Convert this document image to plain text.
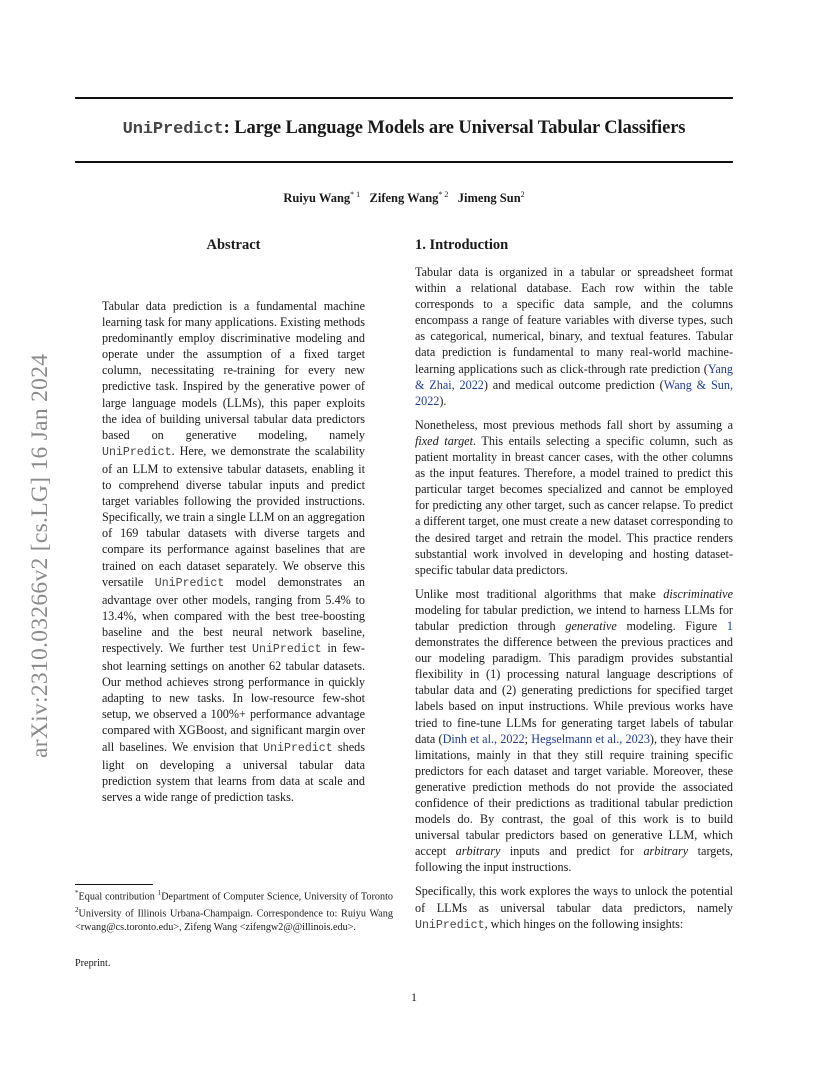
arXiv:2310.03266v2 [cs.LG] 16 Jan 2024
UniPredict: Large Language Models are Universal Tabular Classifiers
Ruiyu Wang$^{* 1}$ Zifeng Wang$^{* 2}$ Jimeng Sun$^2$
Abstract

Tabular data prediction is a fundamental machine learning task for many applications. Existing methods predominantly employ discriminative modeling and operate under the assumption of a fixed target column, necessitating re-training for every new predictive task. Inspired by the generative power of large language models (LLMs), this paper exploits the idea of building universal tabular data predictors based on generative modeling, namely UniPredict. Here, we demonstrate the scalability of an LLM to extensive tabular datasets, enabling it to comprehend diverse tabular inputs and predict target variables following the provided instructions. Specifically, we train a single LLM on an aggregation of 169 tabular datasets with diverse targets and compare its performance against baselines that are trained on each dataset separately. We observe this versatile UniPredict model demonstrates an advantage over other models, ranging from 5.4% to 13.4%, when compared with the best tree-boosting baseline and the best neural network baseline, respectively. We further test UniPredict in few-shot learning settings on another 62 tabular datasets. Our method achieves strong performance in quickly adapting to new tasks. In low-resource few-shot setup, we observed a 100%+ performance advantage compared with XGBoost, and significant margin over all baselines. We envision that UniPredict sheds light on developing a universal tabular data prediction system that learns from data at scale and serves a wide range of prediction tasks.

*Equal contribution $^1$Department of Computer Science, University of Toronto $^2$University of Illinois Urbana-Champaign. Correspondence to: Ruiyu Wang <rwang@cs.toronto.edu>, Zifeng Wang <zifengw2@@illinois.edu>.
Preprint.
1. Introduction

Tabular data is organized in a tabular or spreadsheet format within a relational database. Each row within the table corresponds to a specific data sample, and the columns encompass a range of feature variables with diverse types, such as categorical, numerical, binary, and textual features. Tabular data prediction is fundamental to many real-world machine-learning applications such as click-through rate prediction (Yang & Zhai, 2022) and medical outcome prediction (Wang & Sun, 2022).

Nonetheless, most previous methods fall short by assuming a fixed target. This entails selecting a specific column, such as patient mortality in breast cancer cases, with the other columns as the input features. Therefore, a model trained to predict this particular target becomes specialized and cannot be employed for predicting any other target, such as cancer relapse. To predict a different target, one must create a new dataset corresponding to the desired target and retrain the model. This practice renders substantial work involved in developing and hosting dataset-specific tabular data predictors.

Unlike most traditional algorithms that make discriminative modeling for tabular prediction, we intend to harness LLMs for tabular prediction through generative modeling. Figure 1 demonstrates the difference between the previous practices and our modeling paradigm. This paradigm provides substantial flexibility in (1) processing natural language descriptions of tabular data and (2) generating predictions for specified target labels based on input instructions. While previous works have tried to fine-tune LLMs for generating target labels of tabular data (Dinh et al., 2022; Hegselmann et al., 2023), they have their limitations, mainly in that they still require training specific predictors for each dataset and target variable. Moreover, these generative prediction methods do not provide the associated confidence of their predictions as traditional tabular prediction models do. By contrast, the goal of this work is to build universal tabular predictors based on generative LLM, which accept arbitrary inputs and predict for arbitrary targets, following the input instructions.

Specifically, this work explores the ways to unlock the potential of LLMs as universal tabular data predictors, namely UniPredict, which hinges on the following insights:

1
